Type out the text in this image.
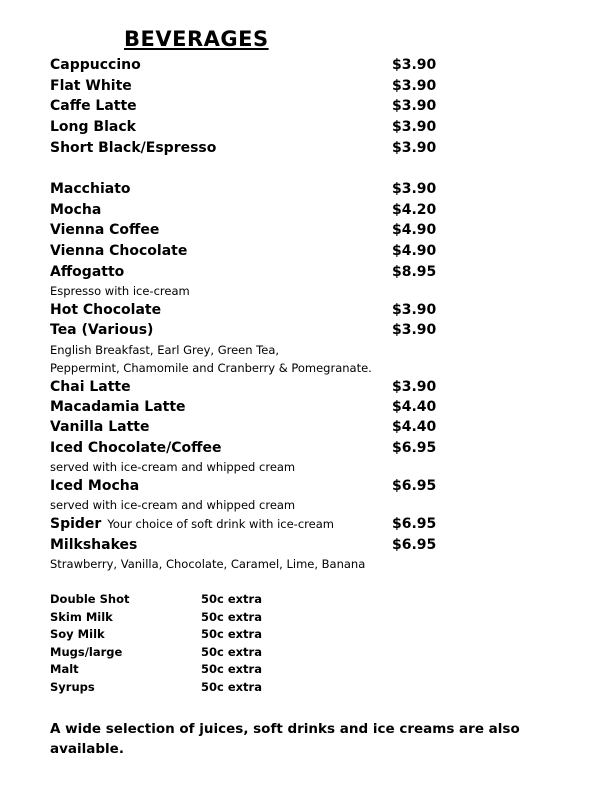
BEVERAGES
Cappuccino	$3.90
Flat White	$3.90
Caffe Latte	$3.90
Long Black	$3.90
Short Black/Espresso	$3.90
Macchiato	$3.90
Mocha	$4.20
Vienna Coffee	$4.90
Vienna Chocolate	$4.90
Affogatto	$8.95
Espresso with ice-cream
Hot Chocolate	$3.90
Tea (Various)	$3.90
English Breakfast, Earl Grey, Green Tea,
Peppermint, Chamomile and Cranberry & Pomegranate.
Chai Latte	$3.90
Macadamia Latte	$4.40
Vanilla Latte	$4.40
Iced Chocolate/Coffee	$6.95
served with ice-cream and whipped cream
Iced Mocha	$6.95
served with ice-cream and whipped cream
Spider Your choice of soft drink with ice-cream	$6.95
Milkshakes	$6.95
Strawberry, Vanilla, Chocolate, Caramel, Lime, Banana
Double Shot	50c extra
Skim Milk	50c extra
Soy Milk	50c extra
Mugs/large	50c extra
Malt	50c extra
Syrups	50c extra

A wide selection of juices, soft drinks and ice creams are also available.
